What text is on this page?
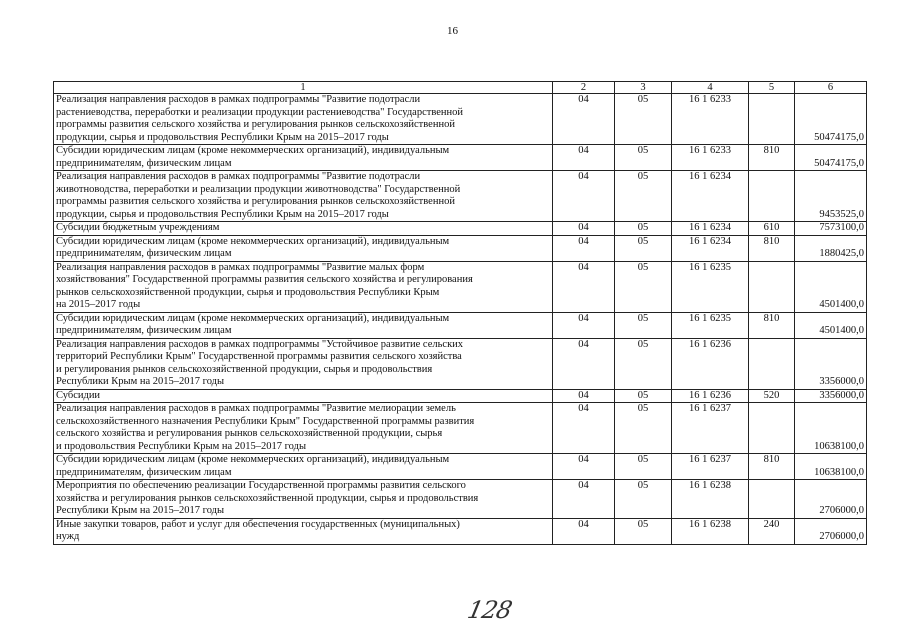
16
1	2	3	4	5	6
Реализация направления расходов в рамках подпрограммы "Развитие подотрасли
растениеводства, переработки и реализации продукции растениеводства" Государственной
программы развития сельского хозяйства и регулирования рынков сельскохозяйственной
продукции, сырья и продовольствия Республики Крым на 2015–2017 годы	04	05	16 1 6233		50474175,0
Субсидии юридическим лицам (кроме некоммерческих организаций), индивидуальным
предпринимателям, физическим лицам	04	05	16 1 6233	810	50474175,0
Реализация направления расходов в рамках подпрограммы "Развитие подотрасли
животноводства, переработки и реализации продукции животноводства" Государственной
программы развития сельского хозяйства и регулирования рынков сельскохозяйственной
продукции, сырья и продовольствия Республики Крым на 2015–2017 годы	04	05	16 1 6234		9453525,0
Субсидии бюджетным учреждениям	04	05	16 1 6234	610	7573100,0
Субсидии юридическим лицам (кроме некоммерческих организаций), индивидуальным
предпринимателям, физическим лицам	04	05	16 1 6234	810	1880425,0
Реализация направления расходов в рамках подпрограммы "Развитие малых форм
хозяйствования" Государственной программы развития сельского хозяйства и регулирования
рынков сельскохозяйственной продукции, сырья и продовольствия Республики Крым
на 2015–2017 годы	04	05	16 1 6235		4501400,0
Субсидии юридическим лицам (кроме некоммерческих организаций), индивидуальным
предпринимателям, физическим лицам	04	05	16 1 6235	810	4501400,0
Реализация направления расходов в рамках подпрограммы "Устойчивое развитие сельских
территорий Республики Крым" Государственной программы развития сельского хозяйства
и регулирования рынков сельскохозяйственной продукции, сырья и продовольствия
Республики Крым на 2015–2017 годы	04	05	16 1 6236		3356000,0
Субсидии	04	05	16 1 6236	520	3356000,0
Реализация направления расходов в рамках подпрограммы "Развитие мелиорации земель
сельскохозяйственного назначения Республики Крым" Государственной программы развития
сельского хозяйства и регулирования рынков сельскохозяйственной продукции, сырья
и продовольствия Республики Крым на 2015–2017 годы	04	05	16 1 6237		10638100,0
Субсидии юридическим лицам (кроме некоммерческих организаций), индивидуальным
предпринимателям, физическим лицам	04	05	16 1 6237	810	10638100,0
Мероприятия по обеспечению реализации Государственной программы развития сельского
хозяйства и регулирования рынков сельскохозяйственной продукции, сырья и продовольствия
Республики Крым на 2015–2017 годы	04	05	16 1 6238		2706000,0
Иные закупки товаров, работ и услуг для обеспечения государственных (муниципальных)
нужд	04	05	16 1 6238	240	2706000,0
128
